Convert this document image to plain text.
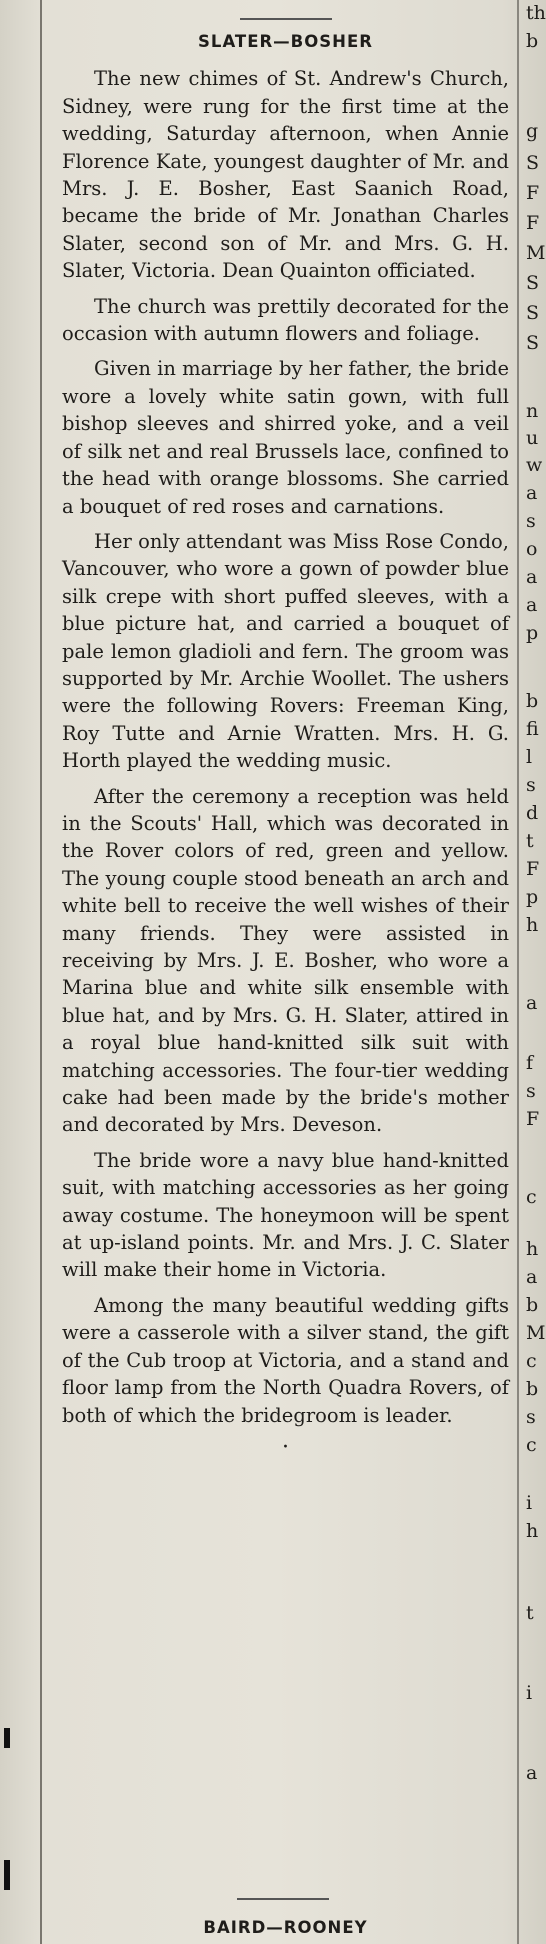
SLATER—BOSHER

The new chimes of St. Andrew's Church, Sidney, were rung for the first time at the wedding, Saturday afternoon, when Annie Florence Kate, youngest daughter of Mr. and Mrs. J. E. Bosher, East Saanich Road, became the bride of Mr. Jonathan Charles Slater, second son of Mr. and Mrs. G. H. Slater, Victoria. Dean Quainton officiated.

The church was prettily decorated for the occasion with autumn flowers and foliage.

Given in marriage by her father, the bride wore a lovely white satin gown, with full bishop sleeves and shirred yoke, and a veil of silk net and real Brussels lace, confined to the head with orange blossoms. She carried a bouquet of red roses and carnations.

Her only attendant was Miss Rose Condo, Vancouver, who wore a gown of powder blue silk crepe with short puffed sleeves, with a blue picture hat, and carried a bouquet of pale lemon gladioli and fern. The groom was supported by Mr. Archie Woollet. The ushers were the following Rovers: Freeman King, Roy Tutte and Arnie Wratten. Mrs. H. G. Horth played the wedding music.

After the ceremony a reception was held in the Scouts' Hall, which was decorated in the Rover colors of red, green and yellow. The young couple stood beneath an arch and white bell to receive the well wishes of their many friends. They were assisted in receiving by Mrs. J. E. Bosher, who wore a Marina blue and white silk ensemble with blue hat, and by Mrs. G. H. Slater, attired in a royal blue hand-knitted silk suit with matching accessories. The four-tier wedding cake had been made by the bride's mother and decorated by Mrs. Deveson.

The bride wore a navy blue hand-knitted suit, with matching accessories as her going away costume. The honeymoon will be spent at up-island points. Mr. and Mrs. J. C. Slater will make their home in Victoria.

Among the many beautiful wedding gifts were a casserole with a silver stand, the gift of the Cub troop at Victoria, and a stand and floor lamp from the North Quadra Rovers, of both of which the bridegroom is leader.

·
BAIRD—ROONEY
th
b
g
S
F
F
M
S
S
S
n
u
w
a
s
o
a
a
p
b
fi
l
s
d
t
F
p
h
a
f
s
F
c
h
a
b
M
c
b
s
c
i
h
t
i
a
